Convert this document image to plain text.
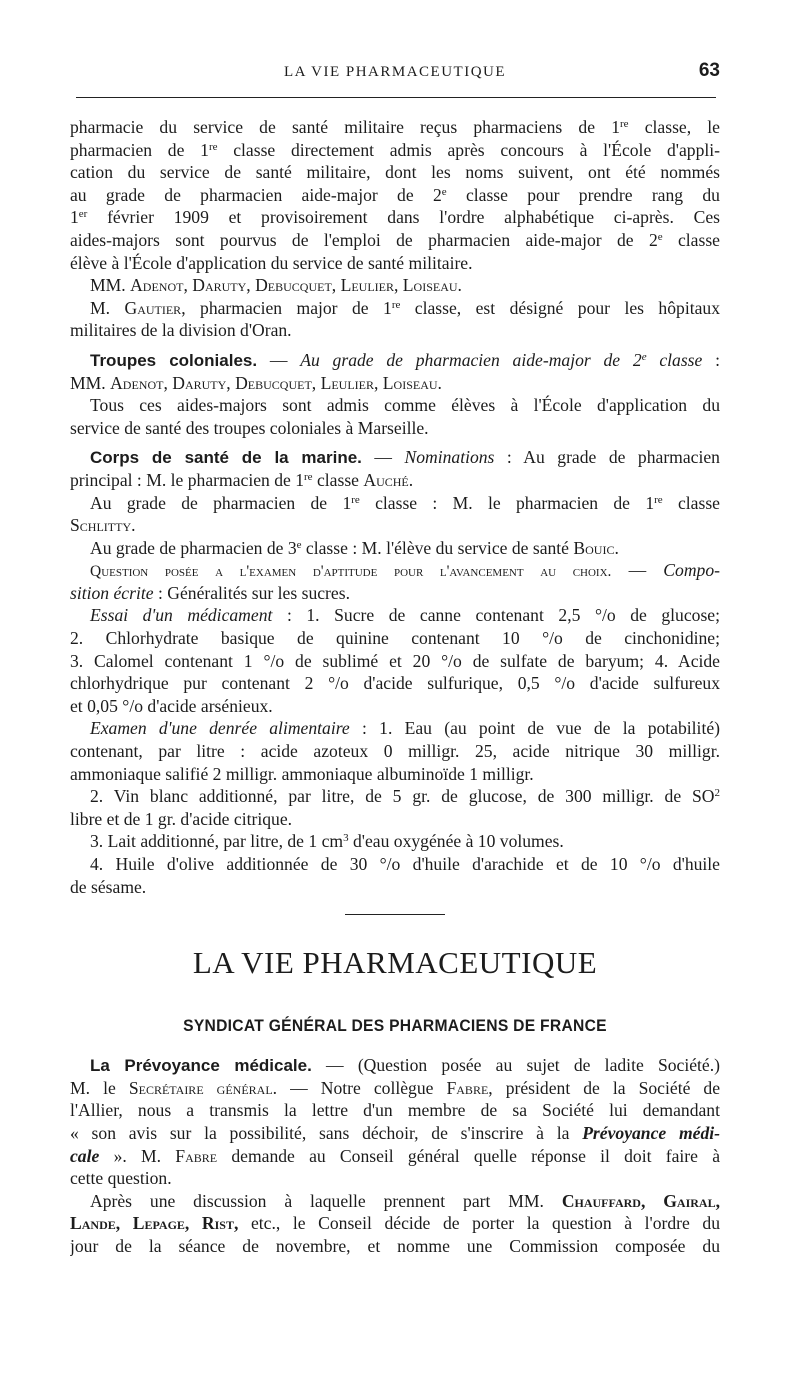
LA VIE PHARMACEUTIQUE	63
pharmacie du service de santé militaire reçus pharmaciens de 1re classe, le
pharmacien de 1re classe directement admis après concours à l'École d'appli-
cation du service de santé militaire, dont les noms suivent, ont été nommés
au grade de pharmacien aide-major de 2e classe pour prendre rang du
1er février 1909 et provisoirement dans l'ordre alphabétique ci-après. Ces
aides-majors sont pourvus de l'emploi de pharmacien aide-major de 2e classe
élève à l'École d'application du service de santé militaire.
MM. Adenot, Daruty, Debucquet, Leulier, Loiseau.
M. Gautier, pharmacien major de 1re classe, est désigné pour les hôpitaux
militaires de la division d'Oran.
Troupes coloniales. — Au grade de pharmacien aide-major de 2e classe :
MM. Adenot, Daruty, Debucquet, Leulier, Loiseau.
Tous ces aides-majors sont admis comme élèves à l'École d'application du
service de santé des troupes coloniales à Marseille.
Corps de santé de la marine. — Nominations : Au grade de pharmacien
principal : M. le pharmacien de 1re classe Auché.
Au grade de pharmacien de 1re classe : M. le pharmacien de 1re classe
Schlitty.
Au grade de pharmacien de 3e classe : M. l'élève du service de santé Bouic.
Question posée a l'examen d'aptitude pour l'avancement au choix. — Compo-
sition écrite : Généralités sur les sucres.
Essai d'un médicament : 1. Sucre de canne contenant 2,5 °/o de glucose;
2. Chlorhydrate basique de quinine contenant 10 °/o de cinchonidine;
3. Calomel contenant 1 °/o de sublimé et 20 °/o de sulfate de baryum; 4. Acide
chlorhydrique pur contenant 2 °/o d'acide sulfurique, 0,5 °/o d'acide sulfureux
et 0,05 °/o d'acide arsénieux.
Examen d'une denrée alimentaire : 1. Eau (au point de vue de la potabilité)
contenant, par litre : acide azoteux 0 milligr. 25, acide nitrique 30 milligr.
ammoniaque salifié 2 milligr. ammoniaque albuminoïde 1 milligr.
2. Vin blanc additionné, par litre, de 5 gr. de glucose, de 300 milligr. de $SO^2$
libre et de 1 gr. d'acide citrique.
3. Lait additionné, par litre, de 1 $cm^3$ d'eau oxygénée à 10 volumes.
4. Huile d'olive additionnée de 30 °/o d'huile d'arachide et de 10 °/o d'huile
de sésame.
LA VIE PHARMACEUTIQUE
SYNDICAT GÉNÉRAL DES PHARMACIENS DE FRANCE
La Prévoyance médicale. — (Question posée au sujet de ladite Société.)
M. le Secrétaire général. — Notre collègue Fabre, président de la Société de
l'Allier, nous a transmis la lettre d'un membre de sa Société lui demandant
« son avis sur la possibilité, sans déchoir, de s'inscrire à la Prévoyance médi-
cale ». M. Fabre demande au Conseil général quelle réponse il doit faire à
cette question.
Après une discussion à laquelle prennent part MM. Chauffard, Gairal,
Lande, Lepage, Rist, etc., le Conseil décide de porter la question à l'ordre du
jour de la séance de novembre, et nomme une Commission composée du
